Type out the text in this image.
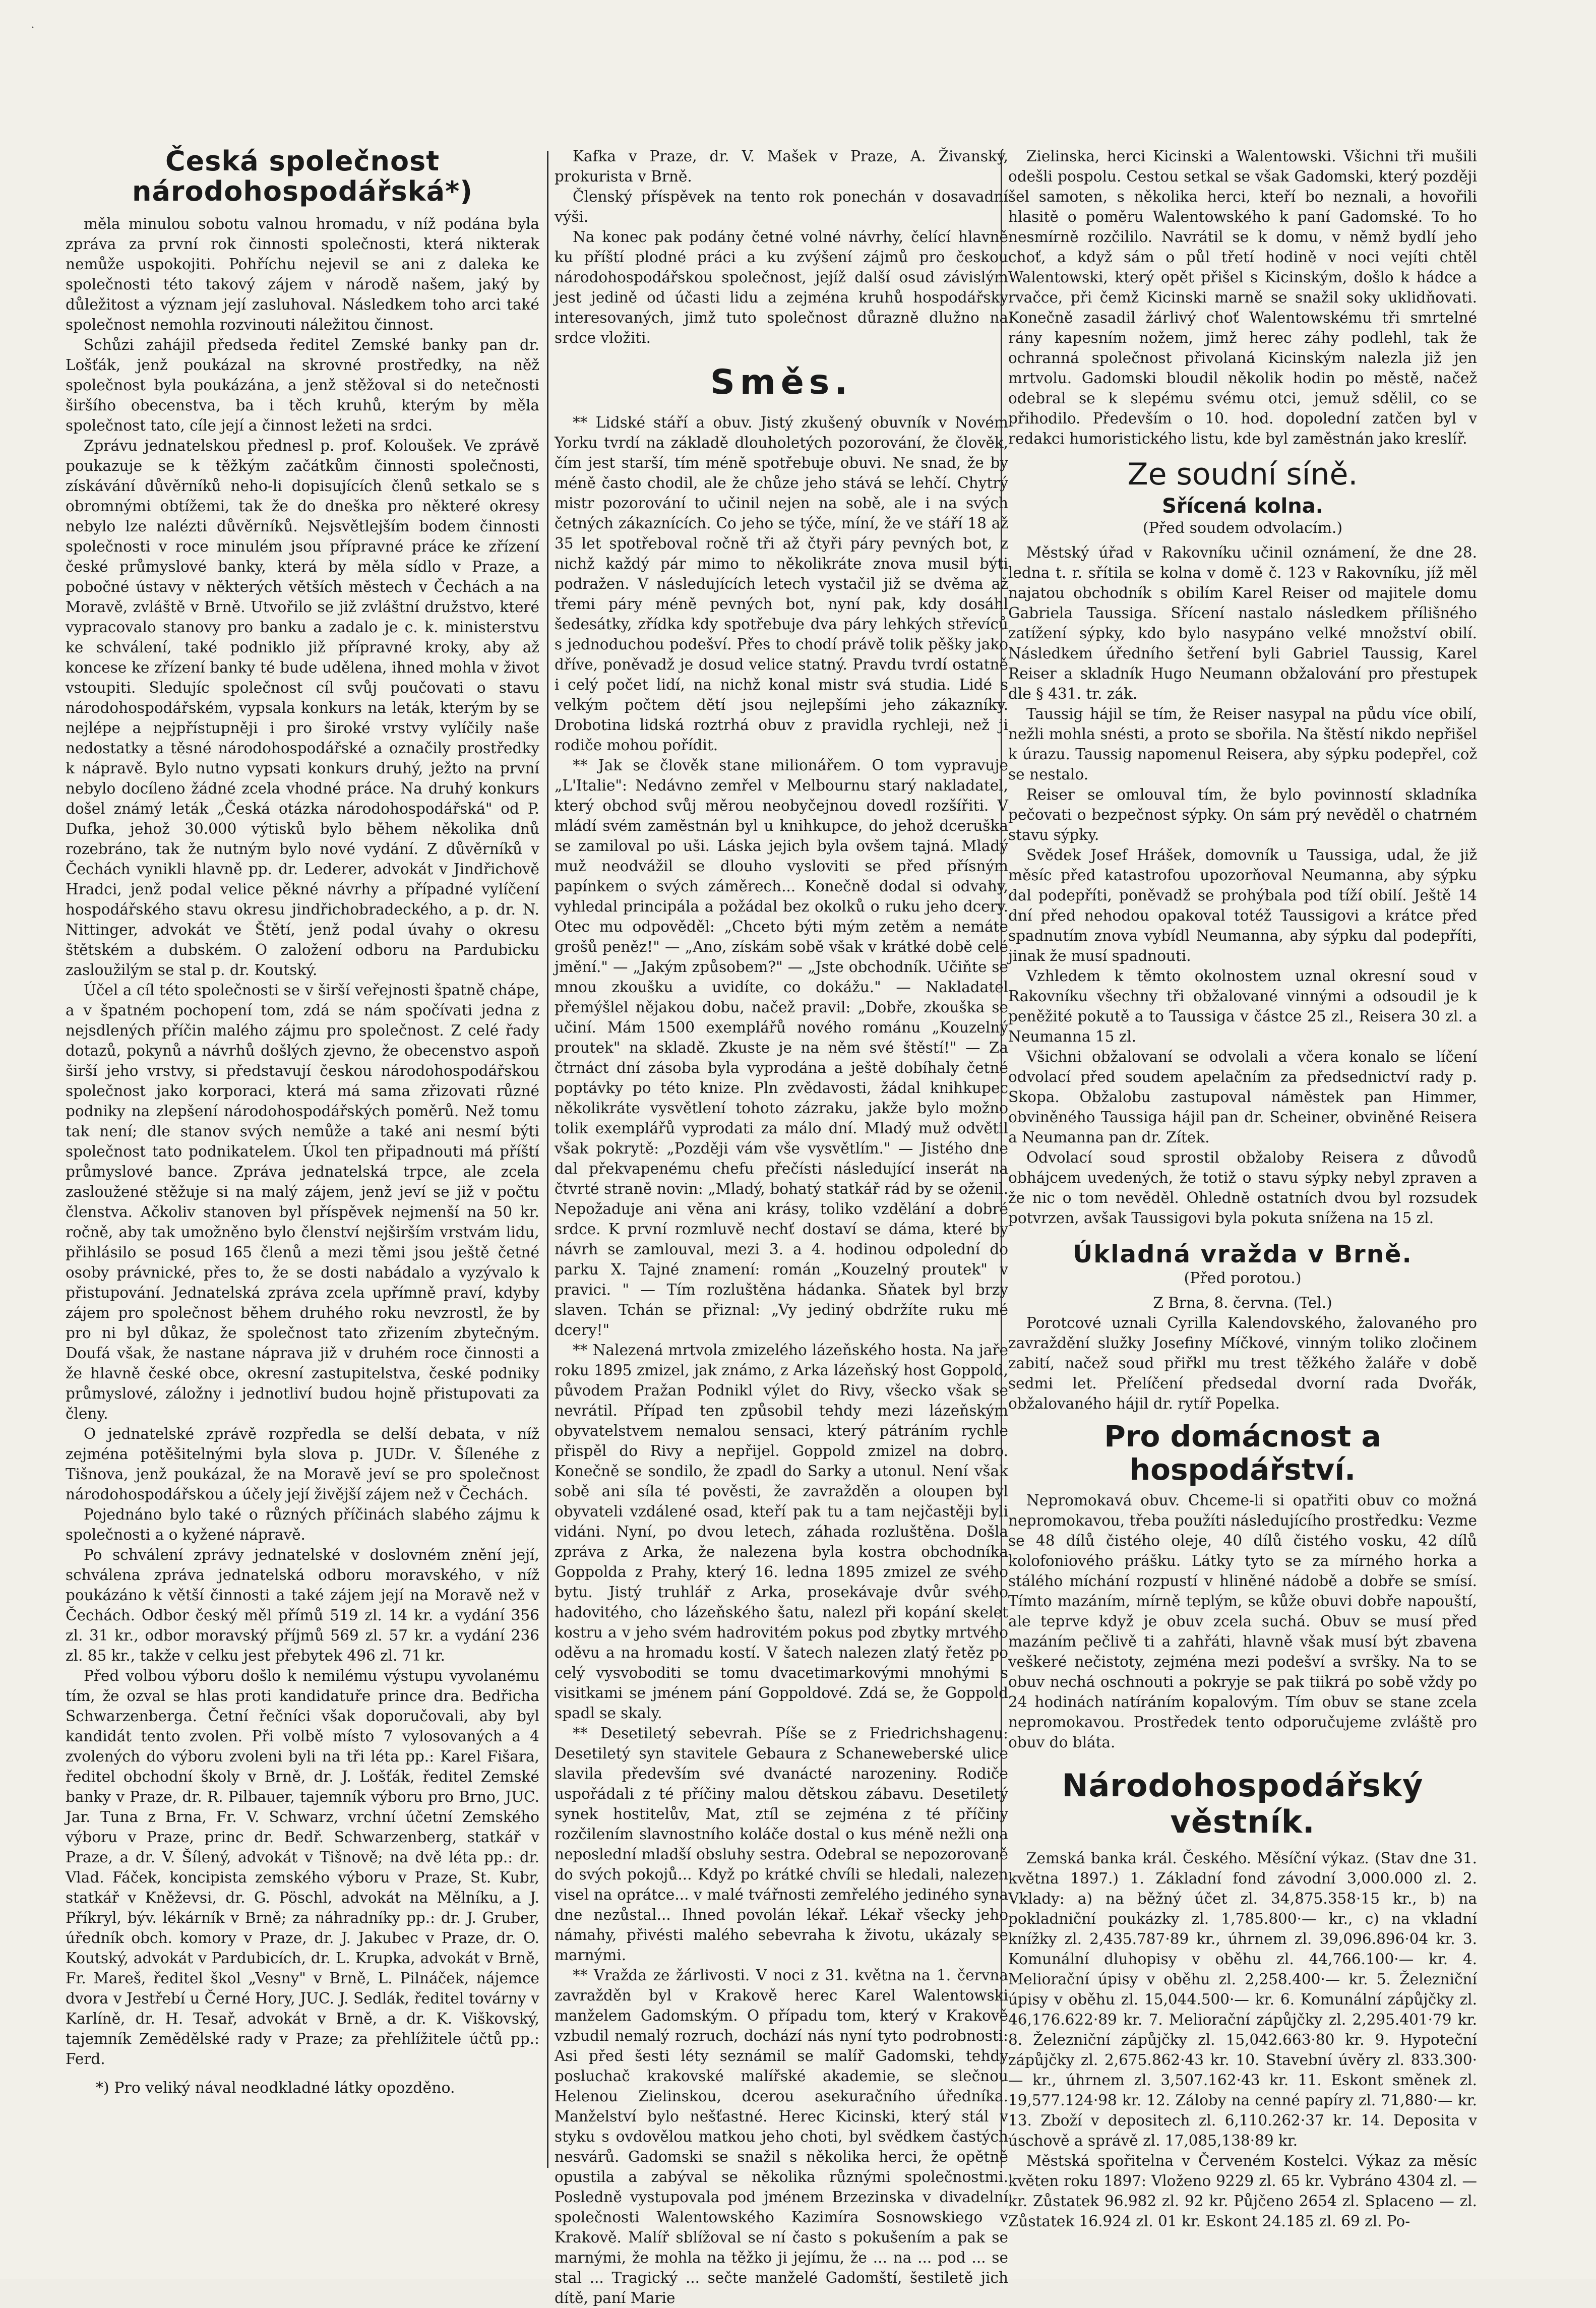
·
Česká společnost národohospodářská*)

měla minulou sobotu valnou hromadu, v níž podána byla zpráva za první rok činnosti společnosti, která nikterak nemůže uspokojiti. Pohříchu nejevil se ani z daleka ke společnosti této takový zájem v národě našem, jaký by důležitost a význam její zasluhoval. Následkem toho arci také společnost nemohla rozvinouti náležitou činnost.

Schůzi zahájil předseda ředitel Zemské banky pan dr. Lošťák, jenž poukázal na skrovné prostředky, na něž společnost byla poukázána, a jenž stěžoval si do netečnosti širšího obecenstva, ba i těch kruhů, kterým by měla společnost tato, cíle její a činnost ležeti na srdci.

Zprávu jednatelskou přednesl p. prof. Koloušek. Ve zprávě poukazuje se k těžkým začátkům činnosti společnosti, získávání důvěrníků neho-li dopisujících členů setkalo se s obromnými obtížemi, tak že do dneška pro některé okresy nebylo lze nalézti důvěrníků. Nejsvětlejším bodem činnosti společnosti v roce minulém jsou přípravné práce ke zřízení české průmyslové banky, která by měla sídlo v Praze, a pobočné ústavy v některých větších městech v Čechách a na Moravě, zvláště v Brně. Utvořilo se již zvláštní družstvo, které vypracovalo stanovy pro banku a zadalo je c. k. ministerstvu ke schválení, také podniklo již přípravné kroky, aby až koncese ke zřízení banky té bude udělena, ihned mohla v život vstoupiti. Sledujíc společnost cíl svůj poučovati o stavu národohospodářském, vypsala konkurs na leták, kterým by se nejlépe a nejpřístupněji i pro široké vrstvy vylíčily naše nedostatky a těsné národohospodářské a označily prostředky k nápravě. Bylo nutno vypsati konkurs druhý, ježto na první nebylo docíleno žádné zcela vhodné práce. Na druhý konkurs došel známý leták „Česká otázka národohospodářská" od P. Dufka, jehož 30.000 výtisků bylo během několika dnů rozebráno, tak že nutným bylo nové vydání. Z důvěrníků v Čechách vynikli hlavně pp. dr. Lederer, advokát v Jindřichově Hradci, jenž podal velice pěkné návrhy a případné vylíčení hospodářského stavu okresu jindřichobradeckého, a p. dr. N. Nittinger, advokát ve Štětí, jenž podal úvahy o okresu štětském a dubském. O založení odboru na Pardubicku zasloužilým se stal p. dr. Koutský.

Účel a cíl této společnosti se v širší veřejnosti špatně chápe, a v špatném pochopení tom, zdá se nám spočívati jedna z nejsdlených příčin malého zájmu pro společnost. Z celé řady dotazů, pokynů a návrhů došlých zjevno, že obecenstvo aspoň širší jeho vrstvy, si představují českou národohospodářskou společnost jako korporaci, která má sama zřizovati různé podniky na zlepšení národohospodářských poměrů. Než tomu tak není; dle stanov svých nemůže a také ani nesmí býti společnost tato podnikatelem. Úkol ten připadnouti má příští průmyslové bance. Zpráva jednatelská trpce, ale zcela zasloužené stěžuje si na malý zájem, jenž jeví se již v počtu členstva. Ačkoliv stanoven byl příspěvek nejmenší na 50 kr. ročně, aby tak umožněno bylo členství nejširším vrstvám lidu, přihlásilo se posud 165 členů a mezi těmi jsou ještě četné osoby právnické, přes to, že se dosti nabádalo a vyzývalo k přistupování. Jednatelská zpráva zcela upřímně praví, kdyby zájem pro společnost během druhého roku nevzrostl, že by pro ni byl důkaz, že společnost tato zřizením zbytečným. Doufá však, že nastane náprava již v druhém roce činnosti a že hlavně české obce, okresní zastupitelstva, české podniky průmyslové, záložny i jednotliví budou hojně přistupovati za členy.

O jednatelské zprávě rozpředla se delší debata, v níž zejména potěšitelnými byla slova p. JUDr. V. Šílenéhe z Tišnova, jenž poukázal, že na Moravě jeví se pro společnost národohospodářskou a účely její živější zájem než v Čechách.

Pojednáno bylo také o různých příčinách slabého zájmu k společnosti a o kyžené nápravě.

Po schválení zprávy jednatelské v doslovném znění její, schválena zpráva jednatelská odboru moravského, v níž poukázáno k větší činnosti a také zájem její na Moravě než v Čechách. Odbor český měl přímů 519 zl. 14 kr. a vydání 356 zl. 31 kr., odbor moravský příjmů 569 zl. 57 kr. a vydání 236 zl. 85 kr., takže v celku jest přebytek 496 zl. 71 kr.

Před volbou výboru došlo k nemilému výstupu vyvolanému tím, že ozval se hlas proti kandidatuře prince dra. Bedřicha Schwarzenberga. Četní řečníci však doporučovali, aby byl kandidát tento zvolen. Při volbě místo 7 vylosovaných a 4 zvolených do výboru zvoleni byli na tři léta pp.: Karel Fišara, ředitel obchodní školy v Brně, dr. J. Lošťák, ředitel Zemské banky v Praze, dr. R. Pilbauer, tajemník výboru pro Brno, JUC. Jar. Tuna z Brna, Fr. V. Schwarz, vrchní účetní Zemského výboru v Praze, princ dr. Bedř. Schwarzenberg, statkář v Praze, a dr. V. Šílený, advokát v Tišnově; na dvě léta pp.: dr. Vlad. Fáček, koncipista zemského výboru v Praze, St. Kubr, statkář v Kněževsi, dr. G. Pöschl, advokát na Mělníku, a J. Příkryl, býv. lékárník v Brně; za náhradníky pp.: dr. J. Gruber, úředník obch. komory v Praze, dr. J. Jakubec v Praze, dr. O. Koutský, advokát v Pardubicích, dr. L. Krupka, advokát v Brně, Fr. Mareš, ředitel škol „Vesny" v Brně, L. Pilnáček, nájemce dvora v Jestřebí u Černé Hory, JUC. J. Sedlák, ředitel továrny v Karlíně, dr. H. Tesař, advokát v Brně, a dr. K. Viškovský, tajemník Zemědělské rady v Praze; za přehlížitele účtů pp.: Ferd.

*) Pro veliký nával neodkladné látky opozděno.

Kafka v Praze, dr. V. Mašek v Praze, A. Živanský, prokurista v Brně.

Členský příspěvek na tento rok ponechán v dosavadní výši.

Na konec pak podány četné volné návrhy, čelící hlavně ku příští plodné práci a ku zvýšení zájmů pro českou národohospodářskou společnost, jejíž další osud závislým jest jedině od účasti lidu a zejména kruhů hospodářsky interesovaných, jimž tuto společnost důrazně dlužno na srdce vložiti.

Směs.

** Lidské stáří a obuv. Jistý zkušený obuvník v Novém Yorku tvrdí na základě dlouholetých pozorování, že člověk, čím jest starší, tím méně spotřebuje obuvi. Ne snad, že by méně často chodil, ale že chůze jeho stává se lehčí. Chytrý mistr pozorování to učinil nejen na sobě, ale i na svých četných zákaznících. Co jeho se týče, míní, že ve stáří 18 až 35 let spotřeboval ročně tři až čtyři páry pevných bot, z nichž každý pár mimo to několikráte znova musil býti podražen. V následujících letech vystačil již se dvěma až třemi páry méně pevných bot, nyní pak, kdy dosáhl šedesátky, zřídka kdy spotřebuje dva páry lehkých střevíců s jednoduchou podešví. Přes to chodí právě tolik pěšky jako dříve, poněvadž je dosud velice statný. Pravdu tvrdí ostatně i celý počet lidí, na nichž konal mistr svá studia. Lidé s velkým počtem dětí jsou nejlepšími jeho zákazníky. Drobotina lidská roztrhá obuv z pravidla rychleji, než ji rodiče mohou pořídit.

** Jak se člověk stane milionářem. O tom vypravuje „L'Italie": Nedávno zemřel v Melbournu starý nakladatel, který obchod svůj měrou neobyčejnou dovedl rozšířiti. V mládí svém zaměstnán byl u knihkupce, do jehož dceruška se zamiloval po uši. Láska jejich byla ovšem tajná. Mladý muž neodvážil se dlouho vysloviti se před přísným papínkem o svých záměrech... Konečně dodal si odvahy, vyhledal principála a požádal bez okolků o ruku jeho dcery. Otec mu odpověděl: „Chceto býti mým zetěm a nemáte grošů peněz!" — „Ano, získám sobě však v krátké době celé jmění." — „Jakým způsobem?" — „Jste obchodník. Učiňte se mnou zkoušku a uvidíte, co dokážu." — Nakladatel přemýšlel nějakou dobu, načež pravil: „Dobře, zkouška se učiní. Mám 1500 exemplářů nového románu „Kouzelný proutek" na skladě. Zkuste je na něm své štěstí!" — Za čtrnáct dní zásoba byla vyprodána a ještě dobíhaly četné poptávky po této knize. Pln zvědavosti, žádal knihkupec několikráte vysvětlení tohoto zázraku, jakže bylo možno tolik exemplářů vyprodati za málo dní. Mladý muž odvětil však pokrytě: „Později vám vše vysvětlím." — Jistého dne dal překvapenému chefu přečísti následující inserát na čtvrté straně novin: „Mladý, bohatý statkář rád by se oženil. Nepožaduje ani věna ani krásy, toliko vzdělání a dobré srdce. K první rozmluvě nechť dostaví se dáma, které by návrh se zamlouval, mezi 3. a 4. hodinou odpolední do parku X. Tajné znamení: román „Kouzelný proutek" v pravici. " — Tím rozluštěna hádanka. Sňatek byl brzy slaven. Tchán se přiznal: „Vy jediný obdržíte ruku mé dcery!"

** Nalezená mrtvola zmizelého lázeňského hosta. Na jaře roku 1895 zmizel, jak známo, z Arka lázeňský host Goppold, původem Pražan Podnikl výlet do Rivy, všecko však se nevrátil. Případ ten způsobil tehdy mezi lázeňským obyvatelstvem nemalou sensaci, který pátráním rychle přispěl do Rivy a nepřijel. Goppold zmizel na dobro. Konečně se sondilo, že zpadl do Sarky a utonul. Není však sobě ani síla té pověsti, že zavražděn a oloupen byl obyvateli vzdálené osad, kteří pak tu a tam nejčastěji byli vidáni. Nyní, po dvou letech, záhada rozluštěna. Došla zpráva z Arka, že nalezena byla kostra obchodníka Goppolda z Prahy, který 16. ledna 1895 zmizel ze svého bytu. Jistý truhlář z Arka, prosekávaje dvůr svého hadovitého, cho lázeňského šatu, nalezl při kopání skelet kostru a v jeho svém hadrovitém pokus pod zbytky mrtvého oděvu a na hromadu kostí. V šatech nalezen zlatý řetěz po celý vysvoboditi se tomu dvacetimarkovými mnohými s visitkami se jménem pání Goppoldové. Zdá se, že Goppold spadl se skaly.

** Desetiletý sebevrah. Píše se z Friedrichshagenu: Desetiletý syn stavitele Gebaura z Schaneweberské ulice slavila především své dvanácté narozeniny. Rodiče uspořádali z té příčiny malou dětskou zábavu. Desetiletý synek hostitelův, Mat, ztíl se zejména z té příčiny rozčilením slavnostního koláče dostal o kus méně nežli ona neposlední mladší obsluhy sestra. Odebral se nepozorovaně do svých pokojů... Když po krátké chvíli se hledali, nalezen visel na oprátce... v malé tvářnosti zemřelého jediného syna dne nezůstal... Ihned povolán lékař. Lékař všecky jeho námahy, přivésti malého sebevraha k životu, ukázaly se marnými.

** Vražda ze žárlivosti. V noci z 31. května na 1. června zavražděn byl v Krakově herec Karel Walentowski manželem Gadomským. O případu tom, který v Krakově vzbudil nemalý rozruch, dochází nás nyní tyto podrobnosti: Asi před šesti léty seznámil se malíř Gadomski, tehdy posluchač krakovské malířské akademie, se slečnou Helenou Zielinskou, dcerou asekuračního úředníka. Manželství bylo nešťastné. Herec Kicinski, který stál v styku s ovdovělou matkou jeho choti, byl svědkem častých nesvárů. Gadomski se snažil s několika herci, že opětně opustila a zabýval se několika různými společnostmi. Posledně vystupovala pod jménem Brzezinska v divadelní společnosti Walentowského Kazimíra Sosnowskiego v Krakově. Malíř sblížoval se ní často s pokušením a pak se marnými, že mohla na těžko ji jejímu, že ... na ... pod ... se stal ... Tragický ... sečte manželé Gadomští, šestiletě jich dítě, paní Marie

Zielinska, herci Kicinski a Walentowski. Všichni tři mušili odešli pospolu. Cestou setkal se však Gadomski, který později šel samoten, s několika herci, kteří bo neznali, a hovořili hlasitě o poměru Walentowského k paní Gadomské. To ho nesmírně rozčililo. Navrátil se k domu, v němž bydlí jeho choť, a když sám o půl třetí hodině v noci vejíti chtěl Walentowski, který opět přišel s Kicinským, došlo k hádce a rvačce, při čemž Kicinski marně se snažil soky uklidňovati. Konečně zasadil žárlivý choť Walentowskému tři smrtelné rány kapesním nožem, jimž herec záhy podlehl, tak že ochranná společnost přivolaná Kicinským nalezla již jen mrtvolu. Gadomski bloudil několik hodin po městě, načež odebral se k slepému svému otci, jemuž sdělil, co se přihodilo. Především o 10. hod. dopolední zatčen byl v redakci humoristického listu, kde byl zaměstnán jako kreslíř.

Ze soudní síně.
Sřícená kolna.
(Před soudem odvolacím.)

Městský úřad v Rakovníku učinil oznámení, že dne 28. ledna t. r. sřítila se kolna v domě č. 123 v Rakovníku, jíž měl najatou obchodník s obilím Karel Reiser od majitele domu Gabriela Taussiga. Sřícení nastalo následkem přílišného zatížení sýpky, kdo bylo nasypáno velké množství obilí. Následkem úředního šetření byli Gabriel Taussig, Karel Reiser a skladník Hugo Neumann obžalování pro přestupek dle § 431. tr. zák.

Taussig hájil se tím, že Reiser nasypal na půdu více obilí, nežli mohla snésti, a proto se sbořila. Na štěstí nikdo nepřišel k úrazu. Taussig napomenul Reisera, aby sýpku podepřel, což se nestalo.

Reiser se omlouval tím, že bylo povinností skladníka pečovati o bezpečnost sýpky. On sám prý nevěděl o chatrném stavu sýpky.

Svědek Josef Hrášek, domovník u Taussiga, udal, že již měsíc před katastrofou upozorňoval Neumanna, aby sýpku dal podepříti, poněvadž se prohýbala pod tíží obilí. Ještě 14 dní před nehodou opakoval totéž Taussigovi a krátce před spadnutím znova vybídl Neumanna, aby sýpku dal podepříti, jinak že musí spadnouti.

Vzhledem k těmto okolnostem uznal okresní soud v Rakovníku všechny tři obžalované vinnými a odsoudil je k peněžité pokutě a to Taussiga v částce 25 zl., Reisera 30 zl. a Neumanna 15 zl.

Všichni obžalovaní se odvolali a včera konalo se líčení odvolací před soudem apelačním za předsednictví rady p. Skopa. Obžalobu zastupoval náměstek pan Himmer, obviněného Taussiga hájil pan dr. Scheiner, obviněné Reisera a Neumanna pan dr. Zítek.

Odvolací soud sprostil obžaloby Reisera z důvodů obhájcem uvedených, že totiž o stavu sýpky nebyl zpraven a že nic o tom nevěděl. Ohledně ostatních dvou byl rozsudek potvrzen, avšak Taussigovi byla pokuta snížena na 15 zl.

Úkladná vražda v Brně.
(Před porotou.)

Z Brna, 8. června. (Tel.)

Porotcové uznali Cyrilla Kalendovského, žalovaného pro zavraždění služky Josefiny Míčkové, vinným toliko zločinem zabití, načež soud přiřkl mu trest těžkého žaláře v době sedmi let. Přelíčení předsedal dvorní rada Dvořák, obžalovaného hájil dr. rytíř Popelka.

Pro domácnost a hospodářství.

Nepromokavá obuv. Chceme-li si opatřiti obuv co možná nepromokavou, třeba použíti následujícího prostředku: Vezme se 48 dílů čistého oleje, 40 dílů čistého vosku, 42 dílů kolofoniového prášku. Látky tyto se za mírného horka a stálého míchání rozpustí v hliněné nádobě a dobře se smísí. Tímto mazáním, mírně teplým, se kůže obuvi dobře napouští, ale teprve když je obuv zcela suchá. Obuv se musí před mazáním pečlivě ti a zahřáti, hlavně však musí být zbavena veškeré nečistoty, zejména mezi podešví a svršky. Na to se obuv nechá oschnouti a pokryje se pak tiikrá po sobě vždy po 24 hodinách natíráním kopalovým. Tím obuv se stane zcela nepromokavou. Prostředek tento odporučujeme zvláště pro obuv do bláta.

Národohospodářský věstník.

Zemská banka král. Českého. Měsíční výkaz. (Stav dne 31. května 1897.) 1. Základní fond závodní 3,000.000 zl. 2. Vklady: a) na běžný účet zl. 34,875.358·15 kr., b) na pokladniční poukázky zl. 1,785.800·— kr., c) na vkladní knížky zl. 2,435.787·89 kr., úhrnem zl. 39,096.896·04 kr. 3. Komunální dluhopisy v oběhu zl. 44,766.100·— kr. 4. Meliorační úpisy v oběhu zl. 2,258.400·— kr. 5. Železniční úpisy v oběhu zl. 15,044.500·— kr. 6. Komunální zápůjčky zl. 46,176.622·89 kr. 7. Meliorační zápůjčky zl. 2,295.401·79 kr. 8. Železniční zápůjčky zl. 15,042.663·80 kr. 9. Hypoteční zápůjčky zl. 2,675.862·43 kr. 10. Stavební úvěry zl. 833.300·— kr., úhrnem zl. 3,507.162·43 kr. 11. Eskont směnek zl. 19,577.124·98 kr. 12. Záloby na cenné papíry zl. 71,880·— kr. 13. Zboží v depositech zl. 6,110.262·37 kr. 14. Deposita v úschově a správě zl. 17,085,138·89 kr.

Městská spořitelna v Červeném Kostelci. Výkaz za měsíc květen roku 1897: Vloženo 9229 zl. 65 kr. Vybráno 4304 zl. — kr. Zůstatek 96.982 zl. 92 kr. Půjčeno 2654 zl. Splaceno — zl. Zůstatek 16.924 zl. 01 kr. Eskont 24.185 zl. 69 zl. Po-
